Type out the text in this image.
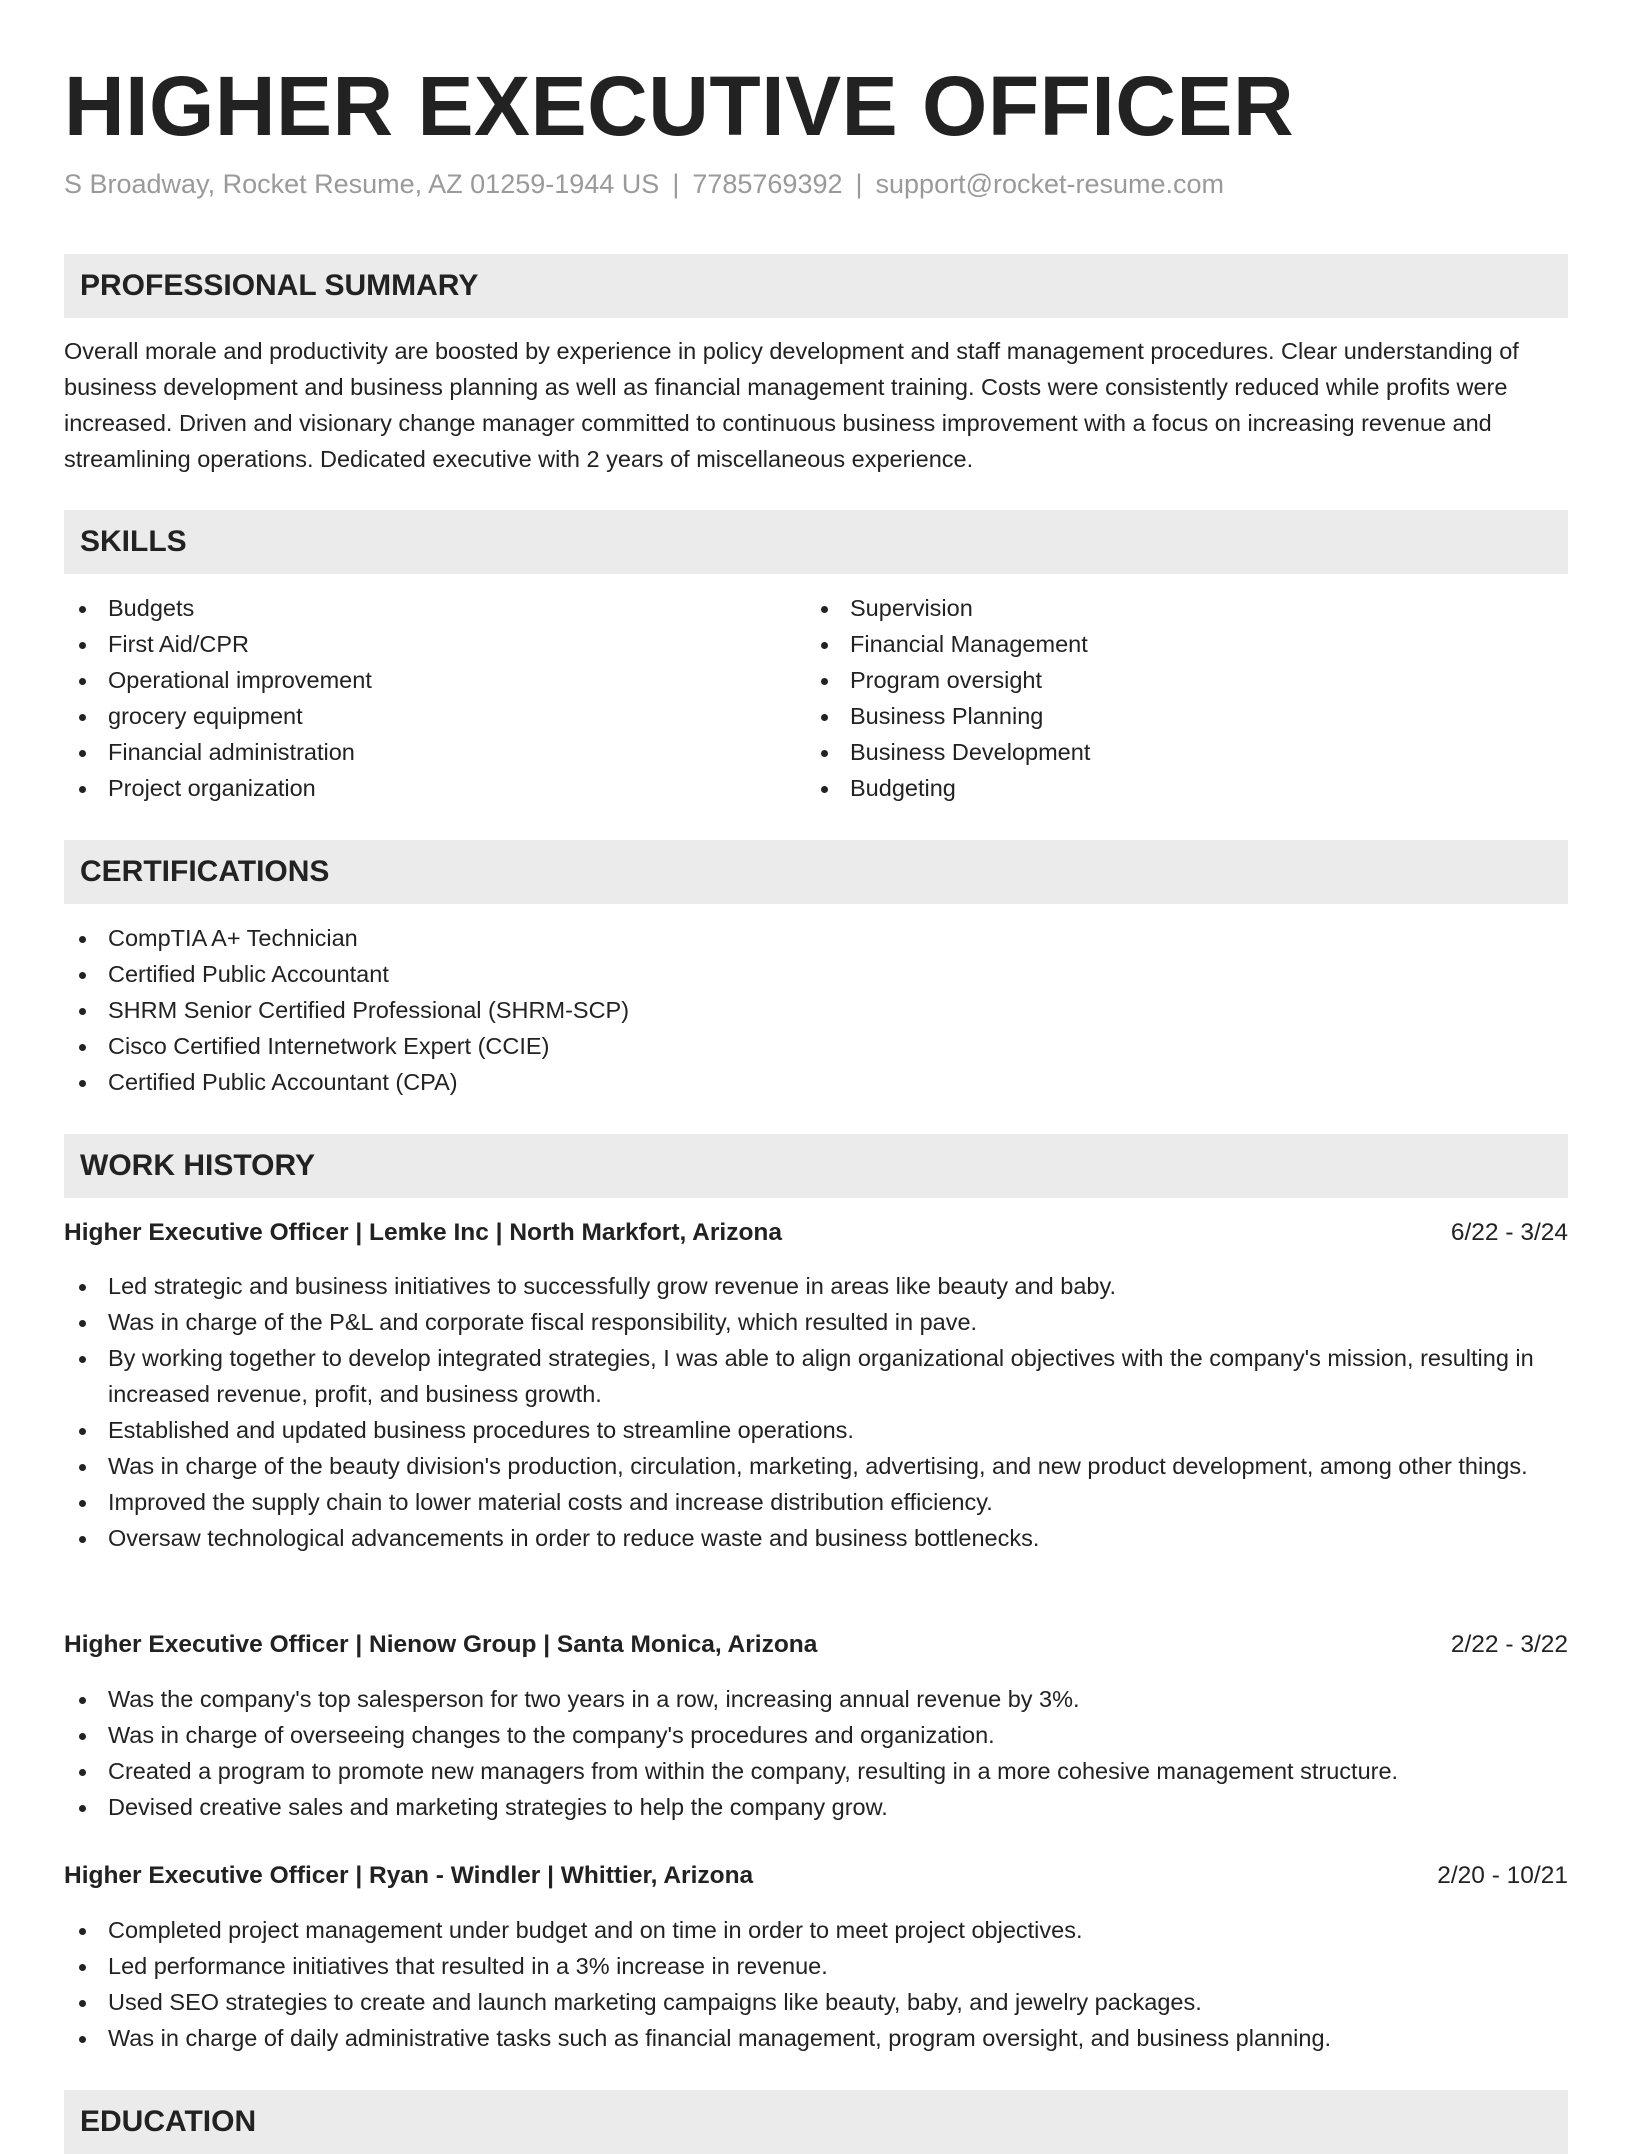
HIGHER EXECUTIVE OFFICER
S Broadway, Rocket Resume, AZ 01259-1944 US | 7785769392 | support@rocket-resume.com
PROFESSIONAL SUMMARY
Overall morale and productivity are boosted by experience in policy development and staff management procedures. Clear understanding of business development and business planning as well as financial management training. Costs were consistently reduced while profits were increased. Driven and visionary change manager committed to continuous business improvement with a focus on increasing revenue and streamlining operations. Dedicated executive with 2 years of miscellaneous experience.
SKILLS
Budgets
First Aid/CPR
Operational improvement
grocery equipment
Financial administration
Project organization
Supervision
Financial Management
Program oversight
Business Planning
Business Development
Budgeting
CERTIFICATIONS
CompTIA A+ Technician
Certified Public Accountant
SHRM Senior Certified Professional (SHRM-SCP)
Cisco Certified Internetwork Expert (CCIE)
Certified Public Accountant (CPA)
WORK HISTORY
Higher Executive Officer | Lemke Inc | North Markfort, Arizona	6/22 - 3/24
Led strategic and business initiatives to successfully grow revenue in areas like beauty and baby.
Was in charge of the P&L and corporate fiscal responsibility, which resulted in pave.
By working together to develop integrated strategies, I was able to align organizational objectives with the company's mission, resulting in increased revenue, profit, and business growth.
Established and updated business procedures to streamline operations.
Was in charge of the beauty division's production, circulation, marketing, advertising, and new product development, among other things.
Improved the supply chain to lower material costs and increase distribution efficiency.
Oversaw technological advancements in order to reduce waste and business bottlenecks.
Higher Executive Officer | Nienow Group | Santa Monica, Arizona	2/22 - 3/22
Was the company's top salesperson for two years in a row, increasing annual revenue by 3%.
Was in charge of overseeing changes to the company's procedures and organization.
Created a program to promote new managers from within the company, resulting in a more cohesive management structure.
Devised creative sales and marketing strategies to help the company grow.
Higher Executive Officer | Ryan - Windler | Whittier, Arizona	2/20 - 10/21
Completed project management under budget and on time in order to meet project objectives.
Led performance initiatives that resulted in a 3% increase in revenue.
Used SEO strategies to create and launch marketing campaigns like beauty, baby, and jewelry packages.
Was in charge of daily administrative tasks such as financial management, program oversight, and business planning.
EDUCATION
